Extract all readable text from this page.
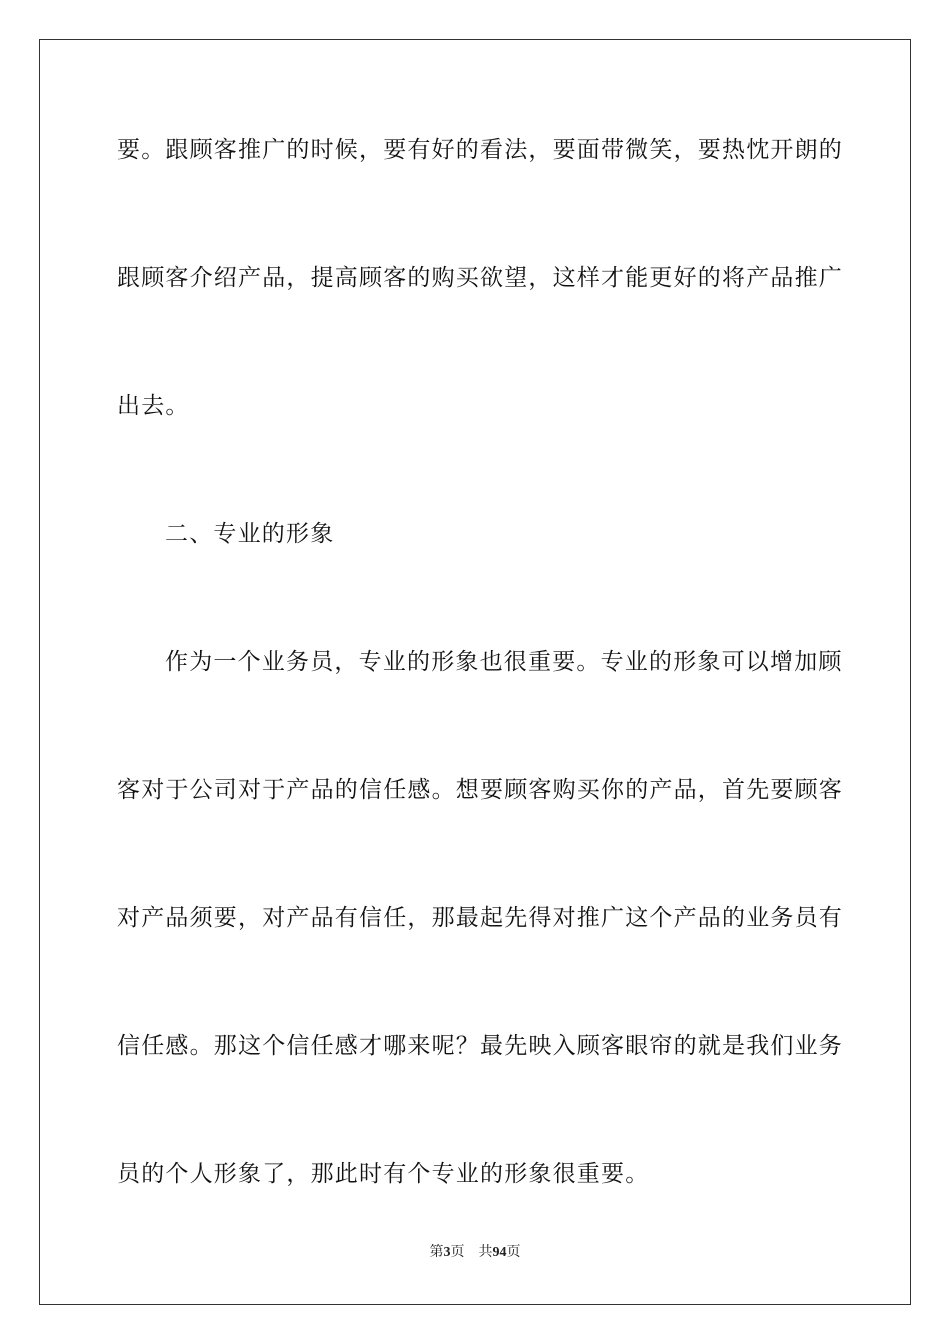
要。跟顾客推广的时候，要有好的看法，要面带微笑，要热忱开朗的
跟顾客介绍产品，提高顾客的购买欲望，这样才能更好的将产品推广
出去。
二、专业的形象
作为一个业务员，专业的形象也很重要。专业的形象可以增加顾
客对于公司对于产品的信任感。想要顾客购买你的产品，首先要顾客
对产品须要，对产品有信任，那最起先得对推广这个产品的业务员有
信任感。那这个信任感才哪来呢？最先映入顾客眼帘的就是我们业务
员的个人形象了，那此时有个专业的形象很重要。
第3页 共94页
